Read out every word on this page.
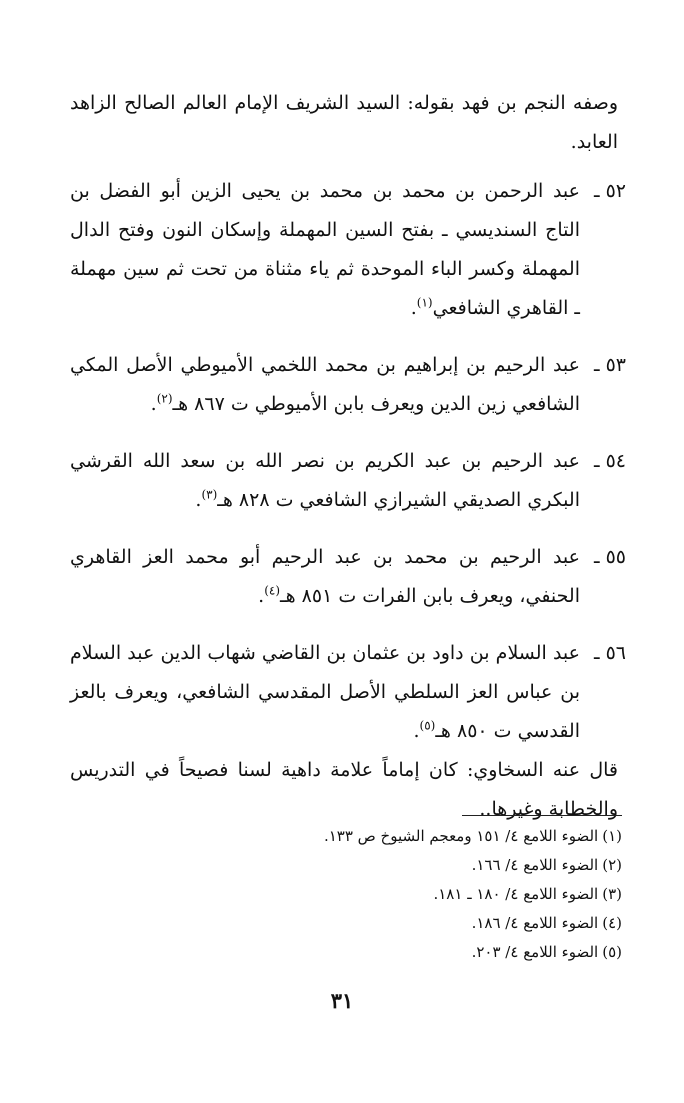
وصفه النجم بن فهد بقوله: السيد الشريف الإمام العالم الصالح الزاهد العابد.

٥٢ ـ
عبد الرحمن بن محمد بن محمد بن يحيى الزين أبو الفضل بن التاج السنديسي ـ بفتح السين المهملة وإسكان النون وفتح الدال المهملة وكسر الباء الموحدة ثم ياء مثناة من تحت ثم سين مهملة ـ القاهري الشافعي$^{(١)}$.
٥٣ ـ
عبد الرحيم بن إبراهيم بن محمد اللخمي الأميوطي الأصل المكي الشافعي زين الدين ويعرف بابن الأميوطي ت ٨٦٧ هـ$^{(٢)}$.
٥٤ ـ
عبد الرحيم بن عبد الكريم بن نصر الله بن سعد الله القرشي البكري الصديقي الشيرازي الشافعي ت ٨٢٨ هـ$^{(٣)}$.
٥٥ ـ
عبد الرحيم بن محمد بن عبد الرحيم أبو محمد العز القاهري الحنفي، ويعرف بابن الفرات ت ٨٥١ هـ$^{(٤)}$.
٥٦ ـ
عبد السلام بن داود بن عثمان بن القاضي شهاب الدين عبد السلام بن عباس العز السلطي الأصل المقدسي الشافعي، ويعرف بالعز القدسي ت ٨٥٠ هـ$^{(٥)}$.

قال عنه السخاوي: كان إماماً علامة داهية لسنا فصيحاً في التدريس والخطابة وغيرها..

(١)الضوء اللامع ٤/ ١٥١ ومعجم الشيوخ ص ١٣٣.

(٢)الضوء اللامع ٤/ ١٦٦.

(٣)الضوء اللامع ٤/ ١٨٠ ـ ١٨١.

(٤)الضوء اللامع ٤/ ١٨٦.

(٥)الضوء اللامع ٤/ ٢٠٣.

٣١
